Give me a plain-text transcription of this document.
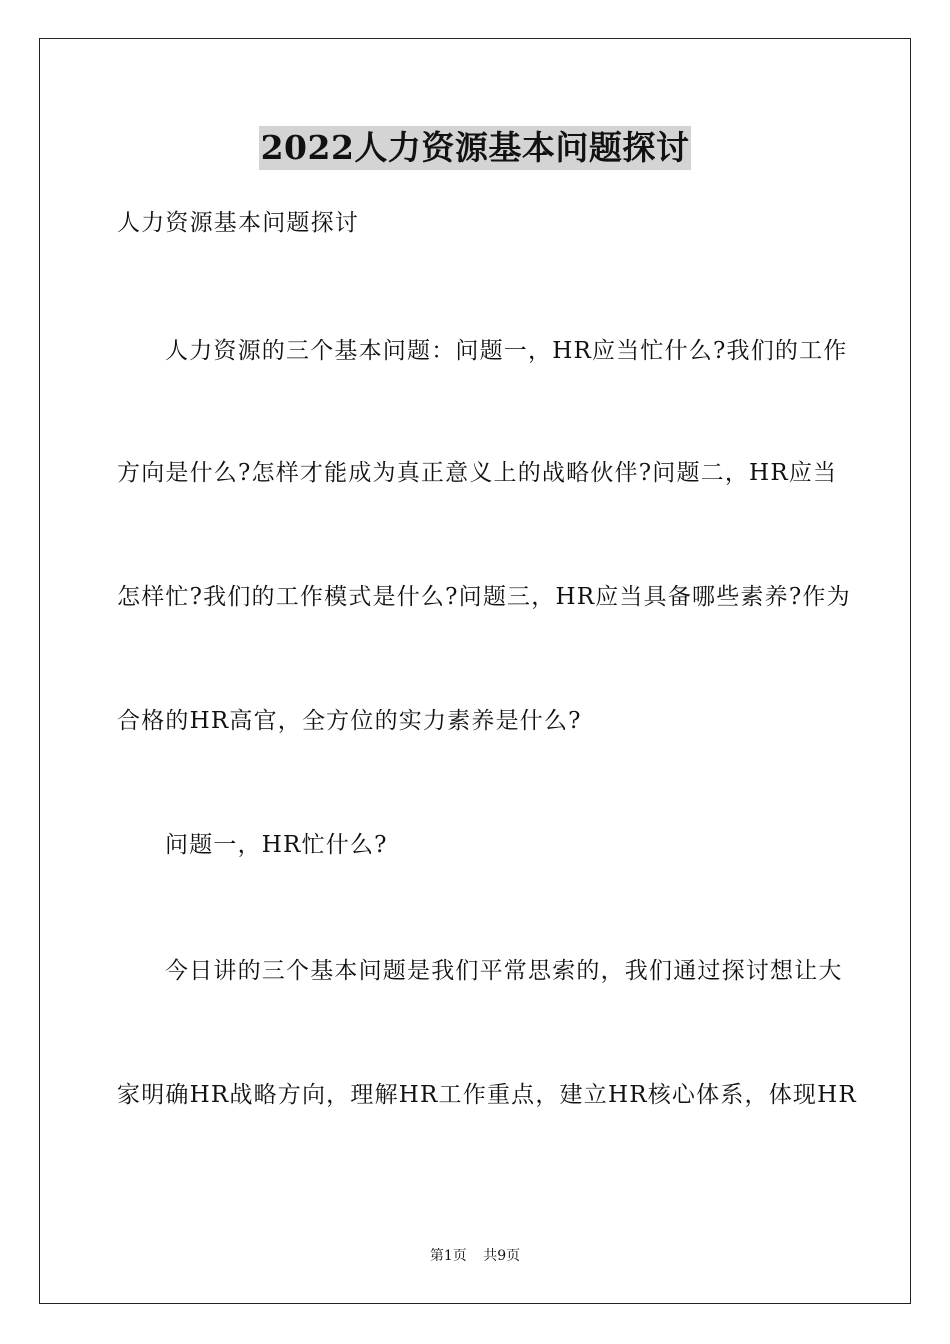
2022人力资源基本问题探讨
人力资源基本问题探讨
人力资源的三个基本问题：问题一，HR应当忙什么?我们的工作
方向是什么?怎样才能成为真正意义上的战略伙伴?问题二，HR应当
怎样忙?我们的工作模式是什么?问题三，HR应当具备哪些素养?作为
合格的HR高官，全方位的实力素养是什么?
问题一，HR忙什么?
今日讲的三个基本问题是我们平常思索的，我们通过探讨想让大
家明确HR战略方向，理解HR工作重点，建立HR核心体系，体现HR
第1页 共9页
